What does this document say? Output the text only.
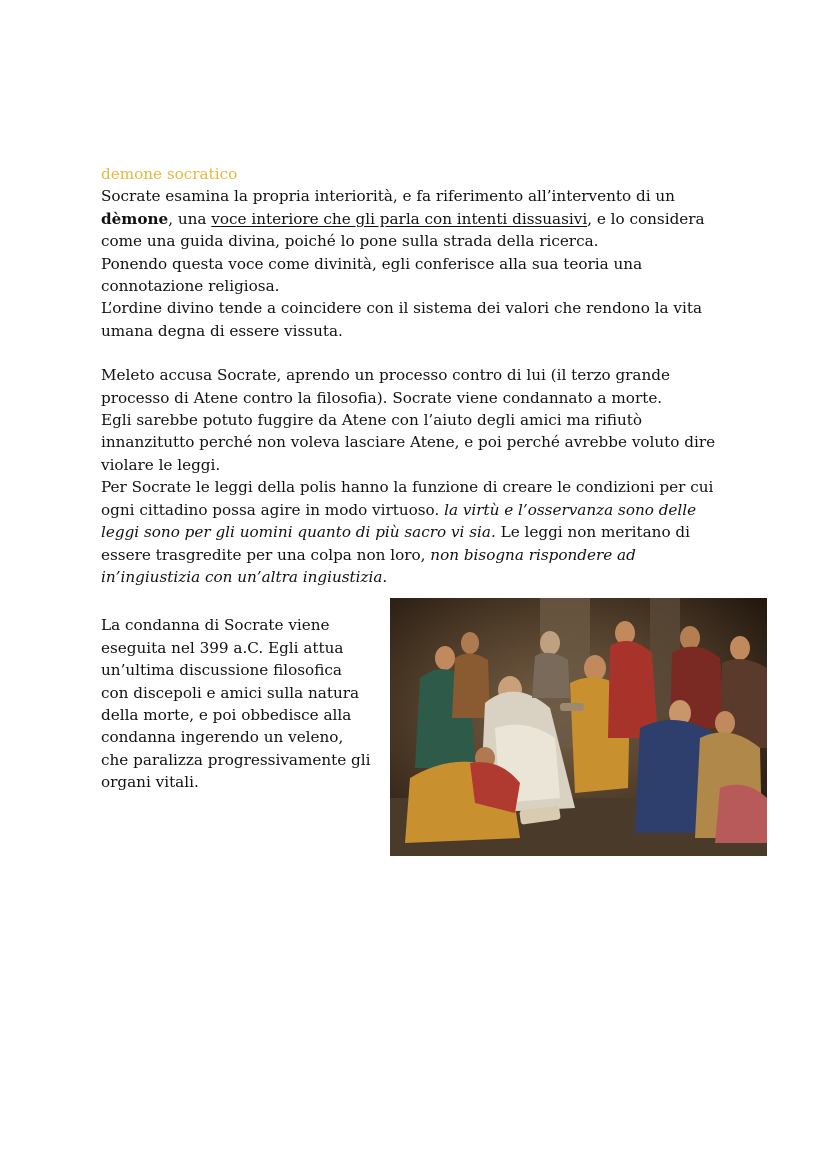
demone socratico

Socrate esamina la propria interiorità, e fa riferimento all’intervento di un dèmone, una voce interiore che gli parla con intenti dissuasivi, e lo considera come una guida divina, poiché lo pone sulla strada della ricerca.

Ponendo questa voce come divinità, egli conferisce alla sua teoria una connotazione religiosa.

L’ordine divino tende a coincidere con il sistema dei valori che rendono la vita umana degna di essere vissuta.

Meleto accusa Socrate, aprendo un processo contro di lui (il terzo grande processo di Atene contro la filosofia). Socrate viene condannato a morte.

Egli sarebbe potuto fuggire da Atene con l’aiuto degli amici ma rifiutò innanzitutto perché non voleva lasciare Atene, e poi perché avrebbe voluto dire violare le leggi.

Per Socrate le leggi della polis hanno la funzione di creare le condizioni per cui ogni cittadino possa agire in modo virtuoso. la virtù e l’osservanza sono delle leggi sono per gli uomini quanto di più sacro vi sia. Le leggi non meritano di essere trasgredite per una colpa non loro, non bisogna rispondere ad in’ingiustizia con un’altra ingiustizia.

La condanna di Socrate viene eseguita nel 399 a.C. Egli attua un’ultima discussione filosofica con discepoli e amici sulla natura della morte, e poi obbedisce alla condanna ingerendo un veleno, che paralizza progressivamente gli organi vitali.
